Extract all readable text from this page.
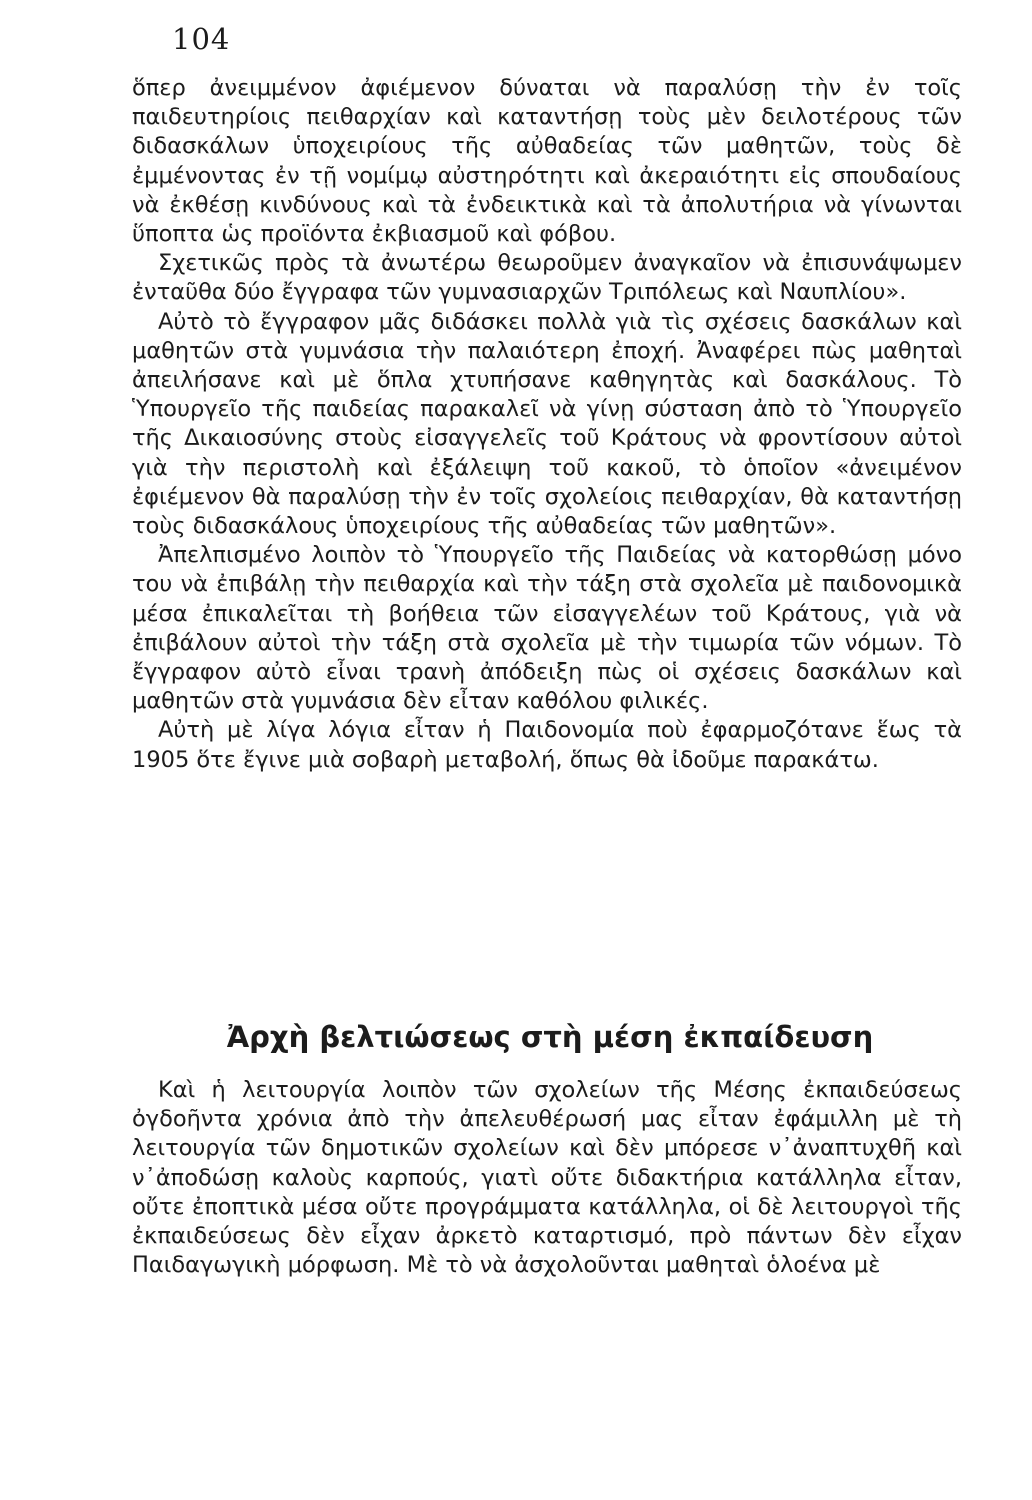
104

ὅπερ ἀνειμμένον ἀφιέμενον δύναται νὰ παραλύσῃ τὴν ἐν τοῖς παιδευτηρίοις πειθαρχίαν καὶ καταντήσῃ τοὺς μὲν δειλοτέρους τῶν διδασκάλων ὑποχειρίους τῆς αὐθαδείας τῶν μαθητῶν, τοὺς δὲ ἐμμένοντας ἐν τῇ νομίμῳ αὐστηρότητι καὶ ἀκεραιότητι εἰς σπουδαίους νὰ ἐκθέσῃ κινδύνους καὶ τὰ ἐνδεικτικὰ καὶ τὰ ἀπολυτήρια νὰ γίνωνται ὕποπτα ὡς προϊόντα ἐκβιασμοῦ καὶ φόβου.

Σχετικῶς πρὸς τὰ ἀνωτέρω θεωροῦμεν ἀναγκαῖον νὰ ἐπισυνάψωμεν ἐνταῦθα δύο ἔγγραφα τῶν γυμνασιαρχῶν Τριπόλεως καὶ Ναυπλίου».

Αὐτὸ τὸ ἔγγραφον μᾶς διδάσκει πολλὰ γιὰ τὶς σχέσεις δασκάλων καὶ μαθητῶν στὰ γυμνάσια τὴν παλαιότερη ἐποχή. Ἀναφέρει πὼς μαθηταὶ ἀπειλήσανε καὶ μὲ ὅπλα χτυπήσανε καθηγητὰς καὶ δασκάλους. Τὸ Ὑπουργεῖο τῆς παιδείας παρακαλεῖ νὰ γίνῃ σύσταση ἀπὸ τὸ Ὑπουργεῖο τῆς Δικαιοσύνης στοὺς εἰσαγγελεῖς τοῦ Κράτους νὰ φροντίσουν αὐτοὶ γιὰ τὴν περιστολὴ καὶ ἐξάλειψη τοῦ κακοῦ, τὸ ὁποῖον «ἀνειμένον ἐφιέμενον θὰ παραλύσῃ τὴν ἐν τοῖς σχολείοις πειθαρχίαν, θὰ καταντήσῃ τοὺς διδασκάλους ὑποχειρίους τῆς αὐθαδείας τῶν μαθητῶν».

Ἀπελπισμένο λοιπὸν τὸ Ὑπουργεῖο τῆς Παιδείας νὰ κατορθώσῃ μόνο του νὰ ἐπιβάλῃ τὴν πειθαρχία καὶ τὴν τάξη στὰ σχολεῖα μὲ παιδονομικὰ μέσα ἐπικαλεῖται τὴ βοήθεια τῶν εἰσαγγελέων τοῦ Κράτους, γιὰ νὰ ἐπιβάλουν αὐτοὶ τὴν τάξη στὰ σχολεῖα μὲ τὴν τιμωρία τῶν νόμων. Τὸ ἔγγραφον αὐτὸ εἶναι τρανὴ ἀπόδειξη πὼς οἱ σχέσεις δασκάλων καὶ μαθητῶν στὰ γυμνάσια δὲν εἶταν καθόλου φιλικές.

Αὐτὴ μὲ λίγα λόγια εἶταν ἡ Παιδονομία ποὺ ἐφαρμοζότανε ἕως τὰ 1905 ὅτε ἔγινε μιὰ σοβαρὴ μεταβολή, ὅπως θὰ ἰδοῦμε παρακάτω.

Ἀρχὴ βελτιώσεως στὴ μέση ἐκπαίδευση

Καὶ ἡ λειτουργία λοιπὸν τῶν σχολείων τῆς Μέσης ἐκπαιδεύσεως ὀγδοῆντα χρόνια ἀπὸ τὴν ἀπελευθέρωσή μας εἶταν ἐφάμιλλη μὲ τὴ λειτουργία τῶν δημοτικῶν σχολείων καὶ δὲν μπόρεσε ν᾿ἀναπτυχθῆ καὶ ν᾿ἀποδώσῃ καλοὺς καρπούς, γιατὶ οὔτε διδακτήρια κατάλληλα εἶταν, οὔτε ἐποπτικὰ μέσα οὔτε προγράμματα κατάλληλα, οἱ δὲ λειτουργοὶ τῆς ἐκπαιδεύσεως δὲν εἶχαν ἀρκετὸ καταρτισμό, πρὸ πάντων δὲν εἶχαν Παιδαγωγικὴ μόρφωση. Μὲ τὸ νὰ ἀσχολοῦνται μαθηταὶ ὁλοένα μὲ
